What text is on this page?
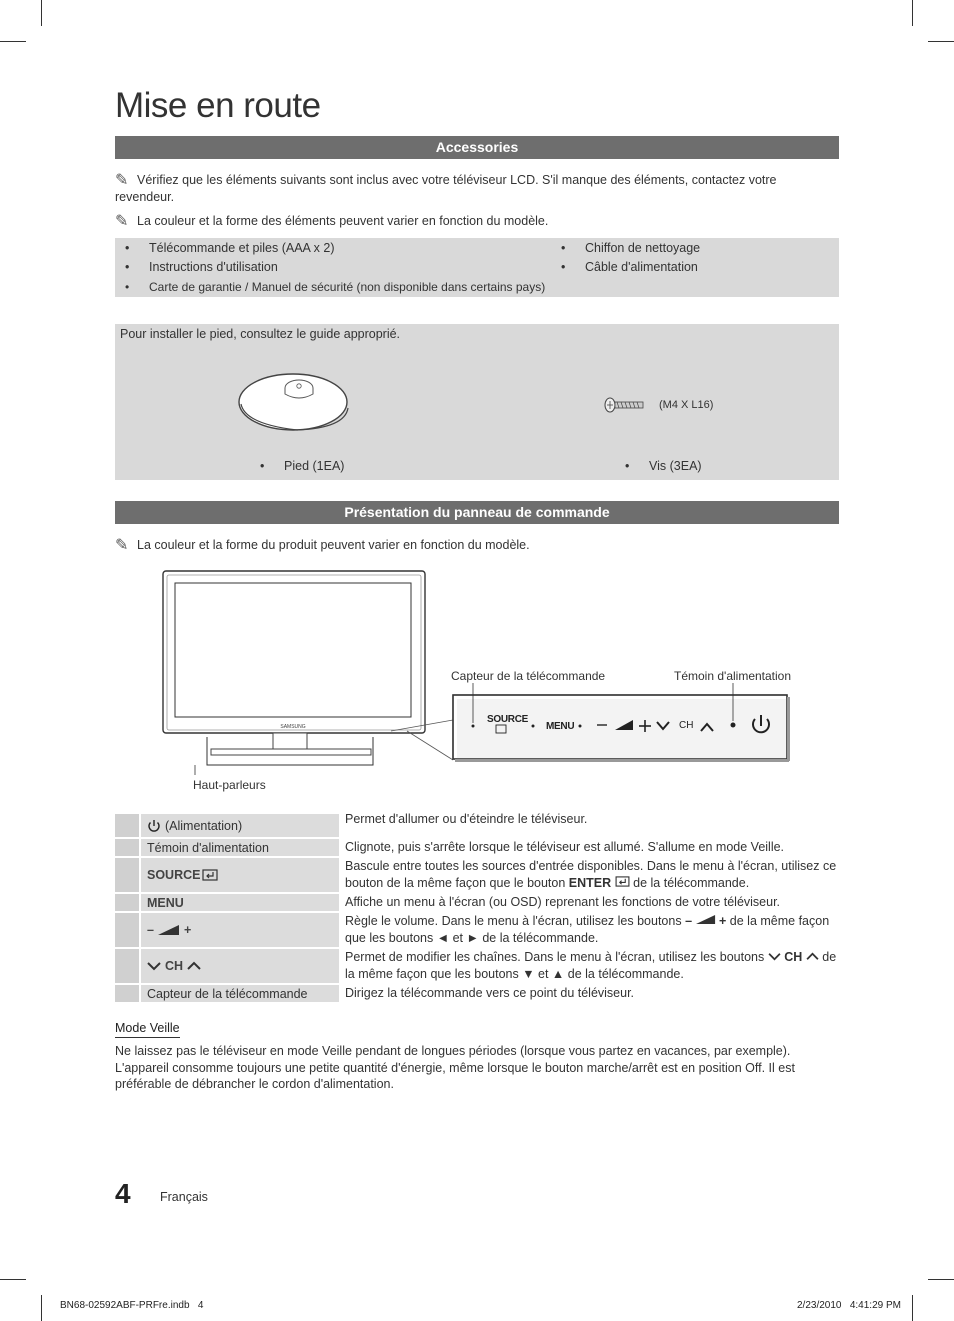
Mise en route
Accessories
✎ Vérifiez que les éléments suivants sont inclus avec votre téléviseur LCD. S'il manque des éléments, contactez votre revendeur.
✎ La couleur et la forme des éléments peuvent varier en fonction du modèle.
• Télécommande et piles (AAA x 2)
• Instructions d'utilisation
• Carte de garantie / Manuel de sécurité (non disponible dans certains pays)
• Chiffon de nettoyage
• Câble d'alimentation
Pour installer le pied, consultez le guide approprié.
(M4 X L16)
• Pied (1EA)
•	Vis (3EA)
Présentation du panneau de commande
✎ La couleur et la forme du produit peuvent varier en fonction du modèle.
SAMSUNG
SOURCE
MENU	CH
Capteur de la télécommande	Témoin d'alimentation
Haut-parleurs
(Alimentation)	Permet d'allumer ou d'éteindre le téléviseur.
Témoin d'alimentation	Clignote, puis s'arrête lorsque le téléviseur est allumé. S'allume en mode Veille.
SOURCE
Bascule entre toutes les sources d'entrée disponibles. Dans le menu à l'écran, utilisez ce bouton de la même façon que le bouton ENTER de la télécommande.
MENU	Affiche un menu à l'écran (ou OSD) reprenant les fonctions de votre téléviseur.
– +
Règle le volume. Dans le menu à l'écran, utilisez les boutons – + de la même façon que les boutons ◄ et ► de la télécommande.
CH
Permet de modifier les chaînes. Dans le menu à l'écran, utilisez les boutons CH de la même façon que les boutons ▼ et ▲ de la télécommande.
Capteur de la télécommande	Dirigez la télécommande vers ce point du téléviseur.
Mode Veille
Ne laissez pas le téléviseur en mode Veille pendant de longues périodes (lorsque vous partez en vacances, par exemple). L'appareil consomme toujours une petite quantité d'énergie, même lorsque le bouton marche/arrêt est en position Off. Il est préférable de débrancher le cordon d'alimentation.
4 Français
BN68-02592ABF-PRFre.indb   4	2/23/2010   4:41:29 PM
